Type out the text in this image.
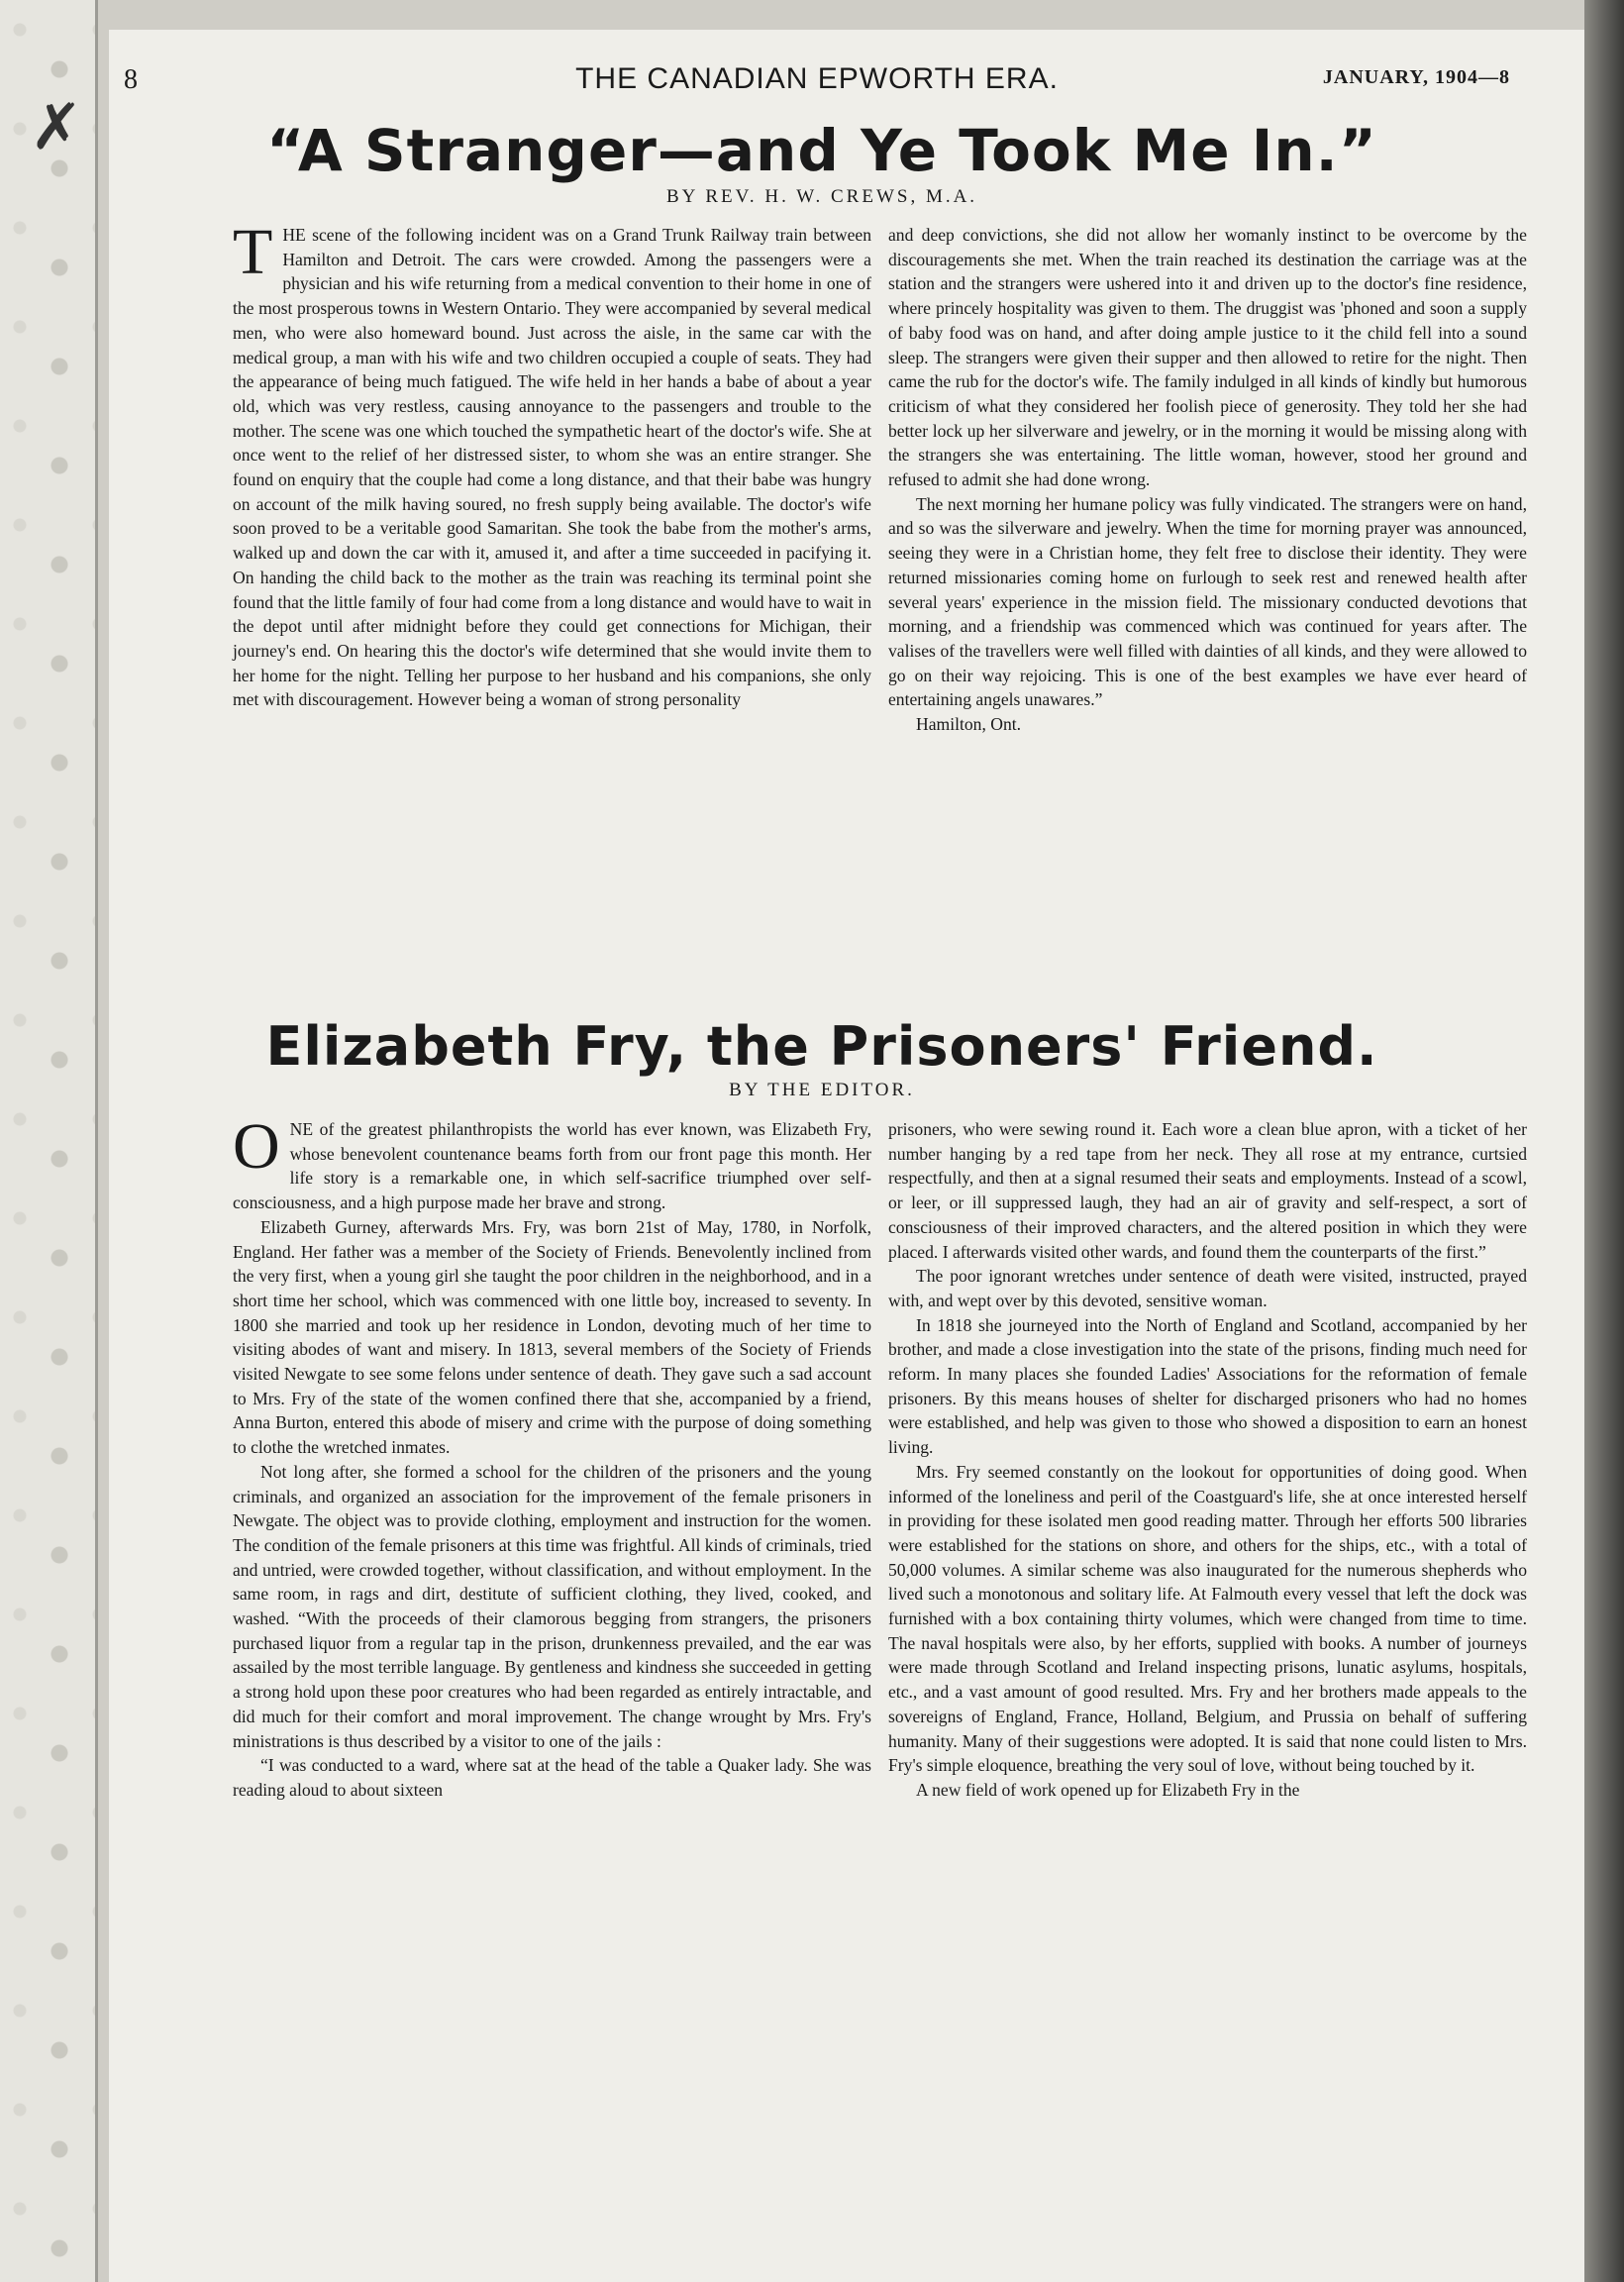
✗
8	THE CANADIAN EPWORTH ERA.	JANUARY, 1904—8
“A Stranger—and Ye Took Me In.”
BY REV. H. W. CREWS, M.A.

THE scene of the following incident was on a Grand Trunk Railway train between Hamilton and Detroit. The cars were crowded. Among the passengers were a physician and his wife returning from a medical convention to their home in one of the most prosperous towns in Western Ontario. They were accompanied by several medical men, who were also homeward bound. Just across the aisle, in the same car with the medical group, a man with his wife and two children occupied a couple of seats. They had the appearance of being much fatigued. The wife held in her hands a babe of about a year old, which was very restless, causing annoyance to the passengers and trouble to the mother. The scene was one which touched the sympathetic heart of the doctor's wife. She at once went to the relief of her distressed sister, to whom she was an entire stranger. She found on enquiry that the couple had come a long distance, and that their babe was hungry on account of the milk having soured, no fresh supply being available. The doctor's wife soon proved to be a veritable good Samaritan. She took the babe from the mother's arms, walked up and down the car with it, amused it, and after a time succeeded in pacifying it. On handing the child back to the mother as the train was reaching its terminal point she found that the little family of four had come from a long distance and would have to wait in the depot until after midnight before they could get connections for Michigan, their journey's end. On hearing this the doctor's wife determined that she would invite them to her home for the night. Telling her purpose to her husband and his companions, she only met with discouragement. However being a woman of strong personality

and deep convictions, she did not allow her womanly instinct to be overcome by the discouragements she met. When the train reached its destination the carriage was at the station and the strangers were ushered into it and driven up to the doctor's fine residence, where princely hospitality was given to them. The druggist was 'phoned and soon a supply of baby food was on hand, and after doing ample justice to it the child fell into a sound sleep. The strangers were given their supper and then allowed to retire for the night. Then came the rub for the doctor's wife. The family indulged in all kinds of kindly but humorous criticism of what they considered her foolish piece of generosity. They told her she had better lock up her silverware and jewelry, or in the morning it would be missing along with the strangers she was entertaining. The little woman, however, stood her ground and refused to admit she had done wrong.

The next morning her humane policy was fully vindicated. The strangers were on hand, and so was the silverware and jewelry. When the time for morning prayer was announced, seeing they were in a Christian home, they felt free to disclose their identity. They were returned missionaries coming home on furlough to seek rest and renewed health after several years' experience in the mission field. The missionary conducted devotions that morning, and a friendship was commenced which was continued for years after. The valises of the travellers were well filled with dainties of all kinds, and they were allowed to go on their way rejoicing. This is one of the best examples we have ever heard of entertaining angels unawares.”

Hamilton, Ont.

Elizabeth Fry, the Prisoners' Friend.
BY THE EDITOR.

ONE of the greatest philanthropists the world has ever known, was Elizabeth Fry, whose benevolent countenance beams forth from our front page this month. Her life story is a remarkable one, in which self-sacrifice triumphed over self-consciousness, and a high purpose made her brave and strong.

Elizabeth Gurney, afterwards Mrs. Fry, was born 21st of May, 1780, in Norfolk, England. Her father was a member of the Society of Friends. Benevolently inclined from the very first, when a young girl she taught the poor children in the neighborhood, and in a short time her school, which was commenced with one little boy, increased to seventy. In 1800 she married and took up her residence in London, devoting much of her time to visiting abodes of want and misery. In 1813, several members of the Society of Friends visited Newgate to see some felons under sentence of death. They gave such a sad account to Mrs. Fry of the state of the women confined there that she, accompanied by a friend, Anna Burton, entered this abode of misery and crime with the purpose of doing something to clothe the wretched inmates.

Not long after, she formed a school for the children of the prisoners and the young criminals, and organized an association for the improvement of the female prisoners in Newgate. The object was to provide clothing, employment and instruction for the women. The condition of the female prisoners at this time was frightful. All kinds of criminals, tried and untried, were crowded together, without classification, and without employment. In the same room, in rags and dirt, destitute of sufficient clothing, they lived, cooked, and washed. “With the proceeds of their clamorous begging from strangers, the prisoners purchased liquor from a regular tap in the prison, drunkenness prevailed, and the ear was assailed by the most terrible language. By gentleness and kindness she succeeded in getting a strong hold upon these poor creatures who had been regarded as entirely intractable, and did much for their comfort and moral improvement. The change wrought by Mrs. Fry's ministrations is thus described by a visitor to one of the jails :

“I was conducted to a ward, where sat at the head of the table a Quaker lady. She was reading aloud to about sixteen

prisoners, who were sewing round it. Each wore a clean blue apron, with a ticket of her number hanging by a red tape from her neck. They all rose at my entrance, curtsied respectfully, and then at a signal resumed their seats and employments. Instead of a scowl, or leer, or ill suppressed laugh, they had an air of gravity and self-respect, a sort of consciousness of their improved characters, and the altered position in which they were placed. I afterwards visited other wards, and found them the counterparts of the first.”

The poor ignorant wretches under sentence of death were visited, instructed, prayed with, and wept over by this devoted, sensitive woman.

In 1818 she journeyed into the North of England and Scotland, accompanied by her brother, and made a close investigation into the state of the prisons, finding much need for reform. In many places she founded Ladies' Associations for the reformation of female prisoners. By this means houses of shelter for discharged prisoners who had no homes were established, and help was given to those who showed a disposition to earn an honest living.

Mrs. Fry seemed constantly on the lookout for opportunities of doing good. When informed of the loneliness and peril of the Coastguard's life, she at once interested herself in providing for these isolated men good reading matter. Through her efforts 500 libraries were established for the stations on shore, and others for the ships, etc., with a total of 50,000 volumes. A similar scheme was also inaugurated for the numerous shepherds who lived such a monotonous and solitary life. At Falmouth every vessel that left the dock was furnished with a box containing thirty volumes, which were changed from time to time. The naval hospitals were also, by her efforts, supplied with books. A number of journeys were made through Scotland and Ireland inspecting prisons, lunatic asylums, hospitals, etc., and a vast amount of good resulted. Mrs. Fry and her brothers made appeals to the sovereigns of England, France, Holland, Belgium, and Prussia on behalf of suffering humanity. Many of their suggestions were adopted. It is said that none could listen to Mrs. Fry's simple eloquence, breathing the very soul of love, without being touched by it.

A new field of work opened up for Elizabeth Fry in the
